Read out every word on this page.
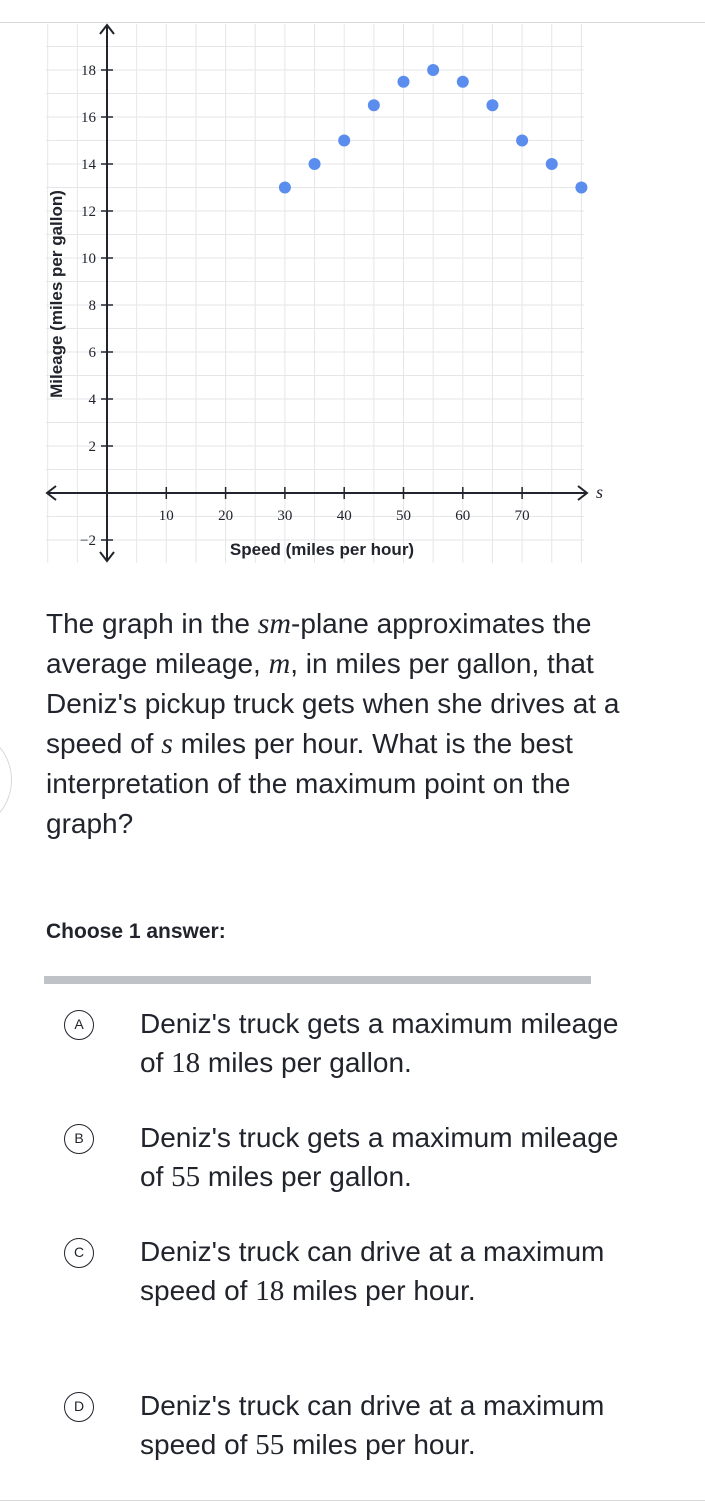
10	20	30	40	50	60	70
−2
2
4
6
8
10
12
14
16
18
Speed (miles per hour)
Mileage (miles per gallon)
s

The graph in the sm-plane approximates the average mileage, m, in miles per gallon, that Deniz's pickup truck gets when she drives at a speed of s miles per hour. What is the best interpretation of the maximum point on the graph?

Choose 1 answer:

A	Deniz's truck gets a maximum mileage of 18 miles per gallon.
B	Deniz's truck gets a maximum mileage of 55 miles per gallon.
C	Deniz's truck can drive at a maximum speed of 18 miles per hour.
D	Deniz's truck can drive at a maximum speed of 55 miles per hour.
